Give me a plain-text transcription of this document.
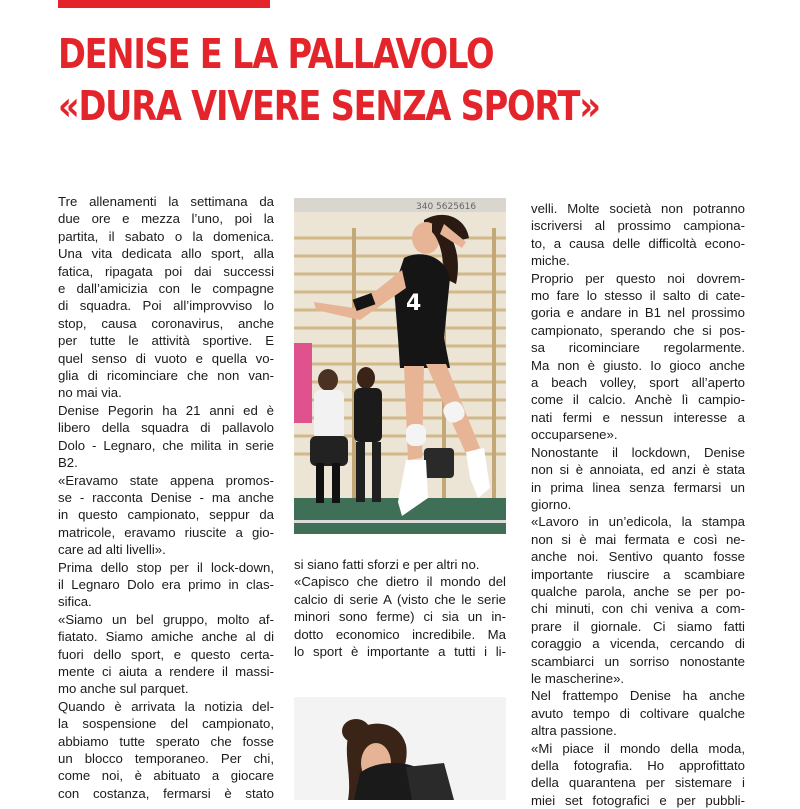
DENISE E LA PALLAVOLO
«DURA VIVERE SENZA SPORT»
Tre allenamenti la settimana da
due ore e mezza l’uno, poi la
partita, il sabato o la domenica.
Una vita dedicata allo sport, alla
fatica, ripagata poi dai successi
e dall’amicizia con le compagne
di squadra. Poi all’improvviso lo
stop, causa coronavirus, anche
per tutte le attività sportive. E
quel senso di vuoto e quella vo-
glia di ricominciare che non van-
no mai via.
Denise Pegorin ha 21 anni ed è
libero della squadra di pallavolo
Dolo - Legnaro, che milita in serie
B2.
«Eravamo state appena promos-
se - racconta Denise - ma anche
in questo campionato, seppur da
matricole, eravamo riuscite a gio-
care ad alti livelli».
Prima dello stop per il lock-down,
il Legnaro Dolo era primo in clas-
sifica.
«Siamo un bel gruppo, molto af-
fiatato. Siamo amiche anche al di
fuori dello sport, e questo certa-
mente ci aiuta a rendere il massi-
mo anche sul parquet.
Quando è arrivata la notizia del-
la sospensione del campionato,
abbiamo tutte sperato che fosse
un blocco temporaneo. Per chi,
come noi, è abituato a giocare
con costanza, fermarsi è stato
340 5625616
4
si siano fatti sforzi e per altri no.
«Capisco che dietro il mondo del
calcio di serie A (visto che le serie
minori sono ferme) ci sia un in-
dotto economico incredibile. Ma
lo sport è importante a tutti i li-
velli. Molte società non potranno
iscriversi al prossimo campiona-
to, a causa delle difficoltà econo-
miche.
Proprio per questo noi dovrem-
mo fare lo stesso il salto di cate-
goria e andare in B1 nel prossimo
campionato, sperando che si pos-
sa ricominciare regolarmente.
Ma non è giusto. Io gioco anche
a beach volley, sport all’aperto
come il calcio. Anchè lì campio-
nati fermi e nessun interesse a
occuparsene».
Nonostante il lockdown, Denise
non si è annoiata, ed anzi è stata
in prima linea senza fermarsi un
giorno.
«Lavoro in un’edicola, la stampa
non si è mai fermata e così ne-
anche noi. Sentivo quanto fosse
importante riuscire a scambiare
qualche parola, anche se per po-
chi minuti, con chi veniva a com-
prare il giornale. Ci siamo fatti
coraggio a vicenda, cercando di
scambiarci un sorriso nonostante
le mascherine».
Nel frattempo Denise ha anche
avuto tempo di coltivare qualche
altra passione.
«Mi piace il mondo della moda,
della fotografia. Ho approfittato
della quarantena per sistemare i
miei set fotografici e per pubbli-
